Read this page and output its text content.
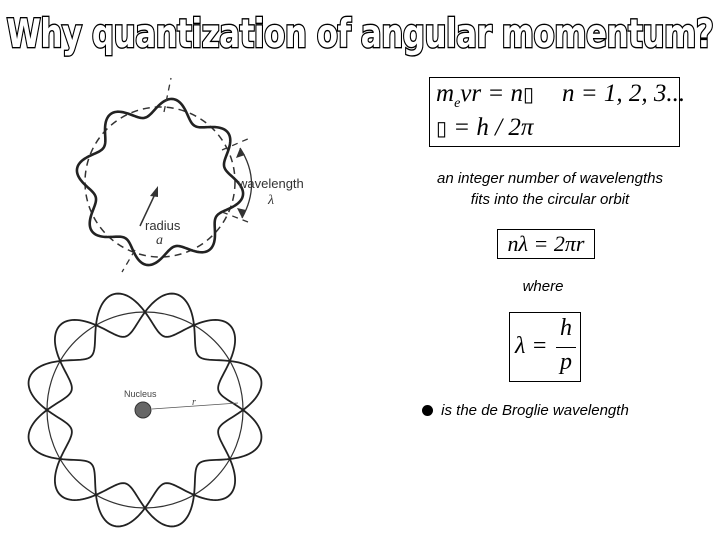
Why quantization of angular momentum?
$m_evr$ = n▯ n = 1, 2, 3...
▯ = h / 2π
an integer number of wavelengths
fits into the circular orbit
nλ = 2πr
where
λ =
h
p
is the de Broglie wavelength
wavelength
λ
radius
a
Nucleus
r
